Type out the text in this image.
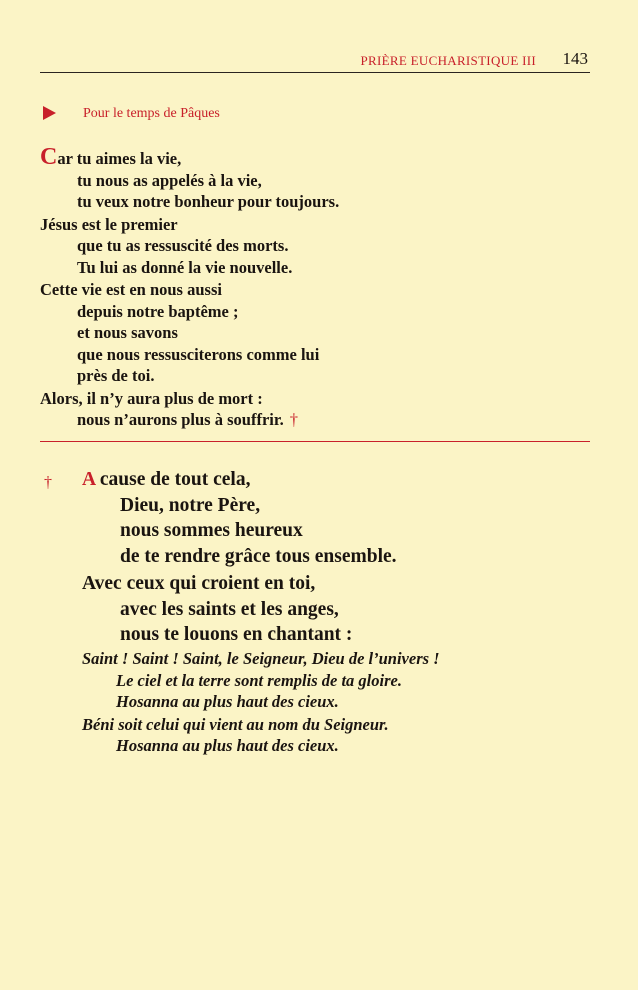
PRIÈRE EUCHARISTIQUE III 143
Pour le temps de Pâques
Car tu aimes la vie,
tu nous as appelés à la vie,
tu veux notre bonheur pour toujours.
Jésus est le premier
que tu as ressuscité des morts.
Tu lui as donné la vie nouvelle.
Cette vie est en nous aussi
depuis notre baptême ;
et nous savons
que nous ressusciterons comme lui
près de toi.
Alors, il n’y aura plus de mort :
nous n’aurons plus à souffrir. †
†	A cause de tout cela,
Dieu, notre Père,
nous sommes heureux
de te rendre grâce tous ensemble.
Avec ceux qui croient en toi,
avec les saints et les anges,
nous te louons en chantant :
Saint ! Saint ! Saint, le Seigneur, Dieu de l’univers !
Le ciel et la terre sont remplis de ta gloire.
Hosanna au plus haut des cieux.
Béni soit celui qui vient au nom du Seigneur.
Hosanna au plus haut des cieux.
